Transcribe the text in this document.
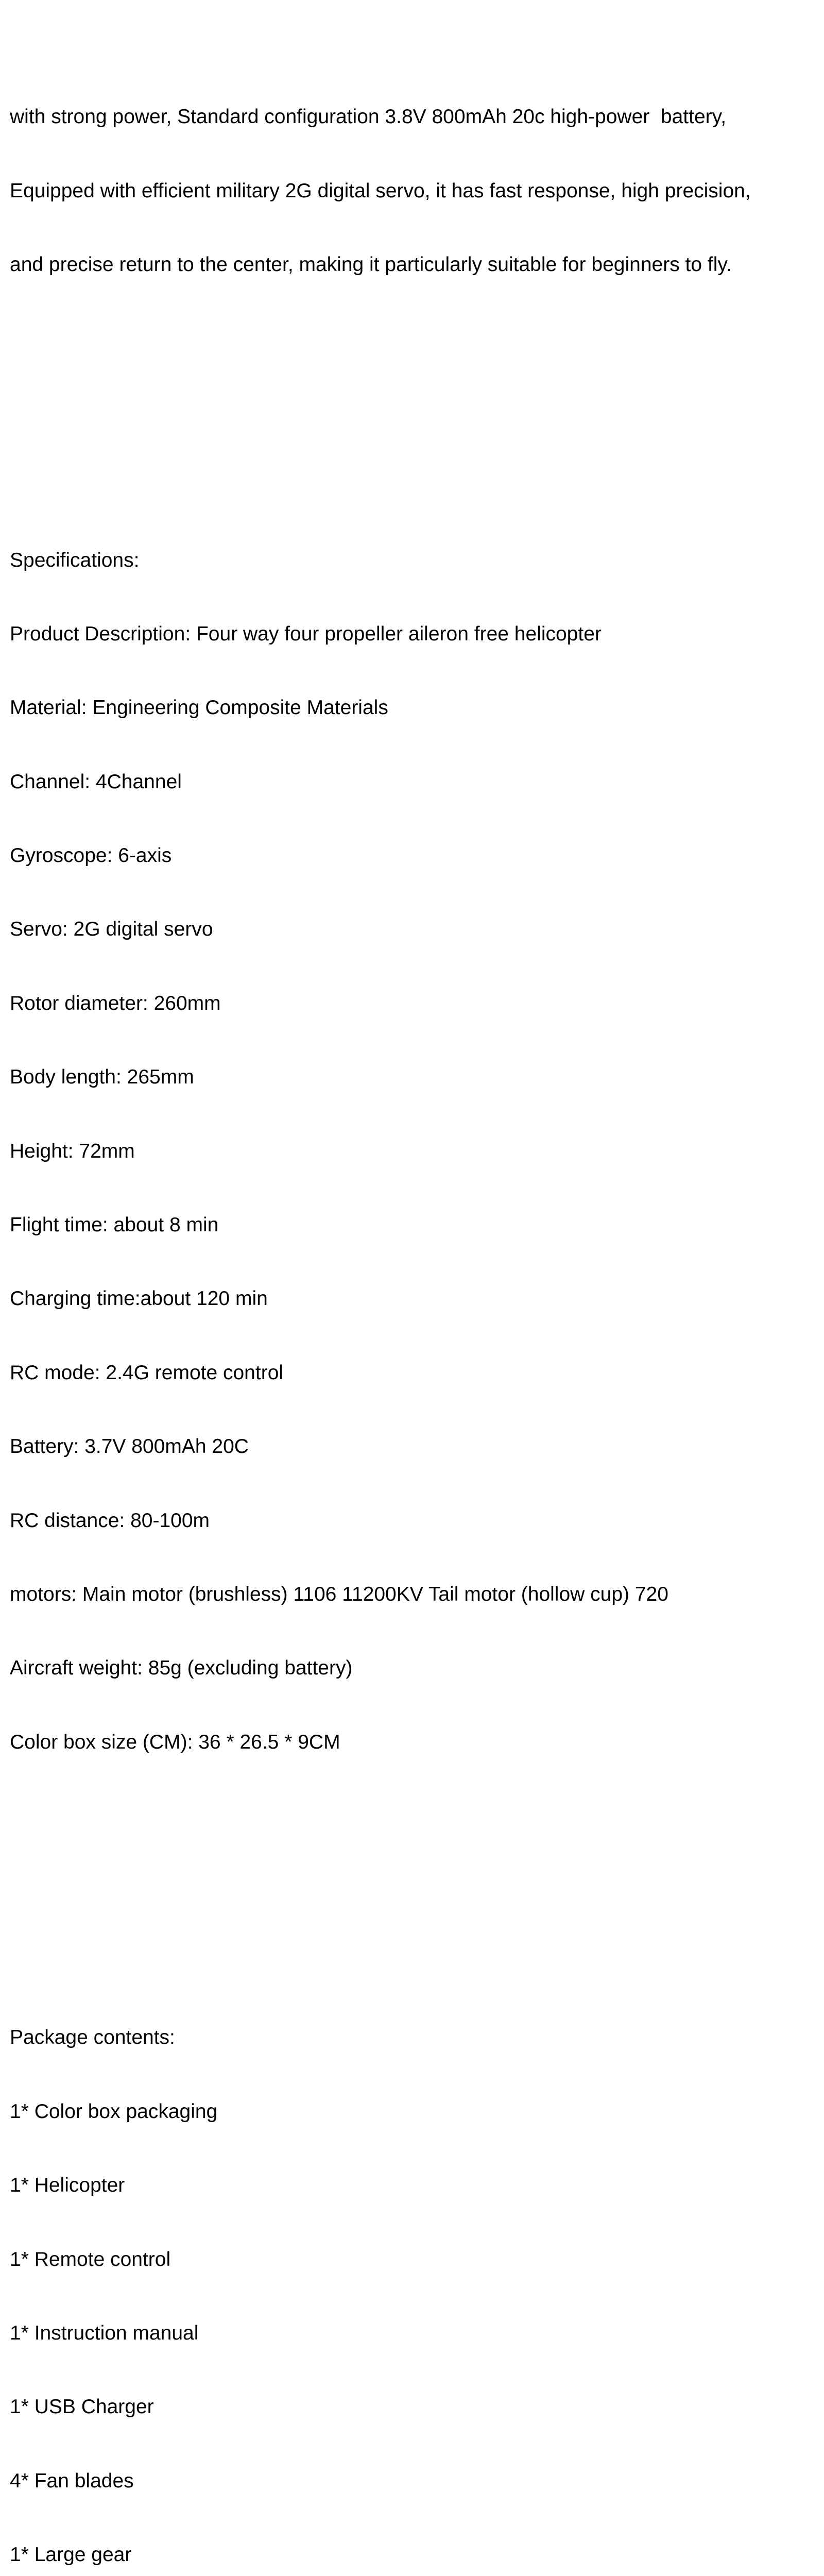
with strong power, Standard configuration 3.8V 800mAh 20c high-power  battery,

Equipped with efficient military 2G digital servo, it has fast response, high precision,

and precise return to the center, making it particularly suitable for beginners to fly.

Specifications:

Product Description: Four way four propeller aileron free helicopter

Material: Engineering Composite Materials

Channel: 4Channel

Gyroscope: 6-axis

Servo: 2G digital servo

Rotor diameter: 260mm

Body length: 265mm

Height: 72mm

Flight time: about 8 min

Charging time:about 120 min

RC mode: 2.4G remote control

Battery: 3.7V 800mAh 20C

RC distance: 80-100m

motors: Main motor (brushless) 1106 11200KV Tail motor (hollow cup) 720

Aircraft weight: 85g (excluding battery)

Color box size (CM): 36 * 26.5 * 9CM

Package contents:

1* Color box packaging

1* Helicopter

1* Remote control

1* Instruction manual

1* USB Charger

4* Fan blades

1* Large gear
